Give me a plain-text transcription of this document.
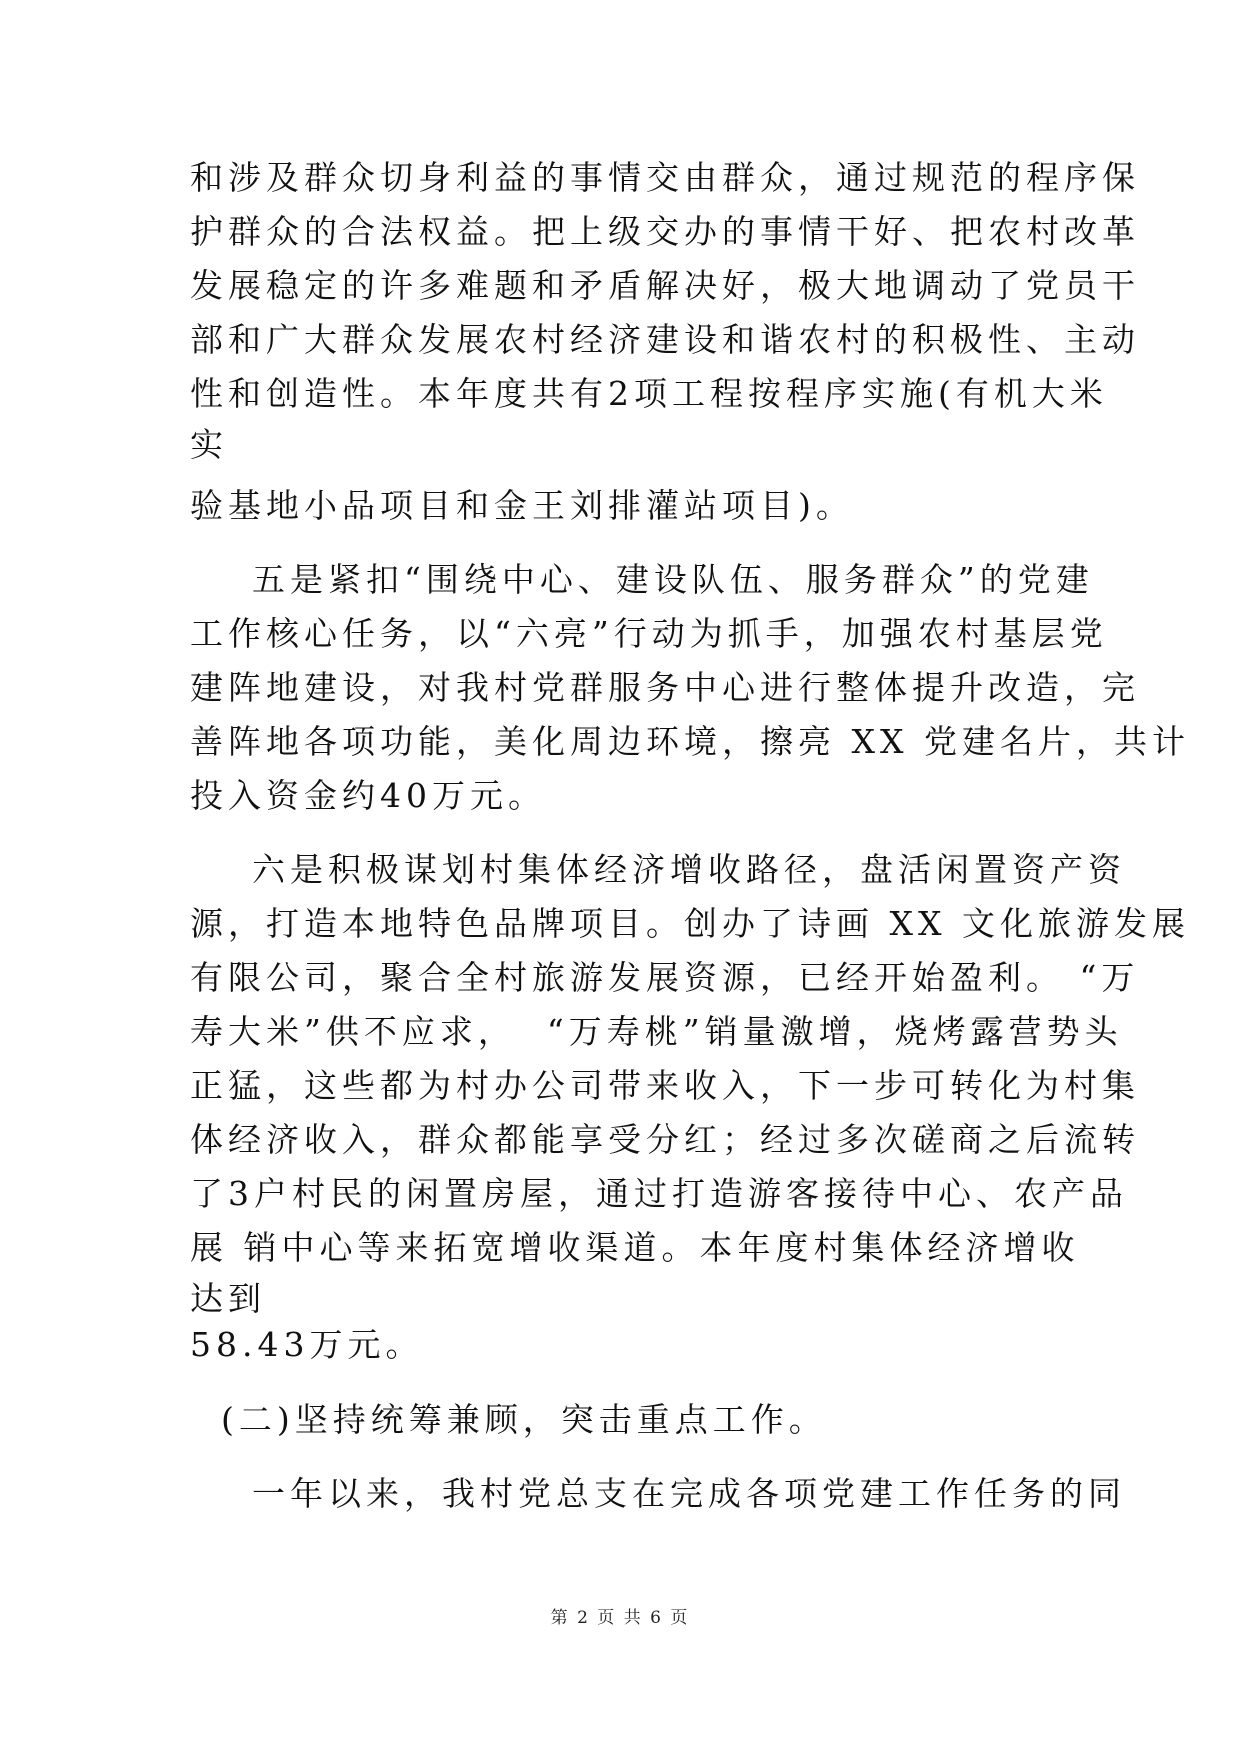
和涉及群众切身利益的事情交由群众，通过规范的程序保
护群众的合法权益。把上级交办的事情干好、把农村改革
发展稳定的许多难题和矛盾解决好，极大地调动了党员干
部和广大群众发展农村经济建设和谐农村的积极性、主动
性和创造性。本年度共有2项工程按程序实施(有机大米
实
验基地小品项目和金王刘排灌站项目)。
五是紧扣“围绕中心、建设队伍、服务群众”的党建
工作核心任务，以“六亮”行动为抓手，加强农村基层党
建阵地建设，对我村党群服务中心进行整体提升改造，完
善阵地各项功能，美化周边环境，擦亮 XX 党建名片，共计
投入资金约40万元。
六是积极谋划村集体经济增收路径，盘活闲置资产资
源，打造本地特色品牌项目。创办了诗画 XX 文化旅游发展
有限公司，聚合全村旅游发展资源，已经开始盈利。 “万
寿大米”供不应求，  “万寿桃”销量激增，烧烤露营势头
正猛，这些都为村办公司带来收入，下一步可转化为村集
体经济收入，群众都能享受分红；经过多次磋商之后流转
了3户村民的闲置房屋，通过打造游客接待中心、农产品
展 销中心等来拓宽增收渠道。本年度村集体经济增收
达到
58.43万元。
(二)坚持统筹兼顾，突击重点工作。
一年以来，我村党总支在完成各项党建工作任务的同
第 2 页 共 6 页
